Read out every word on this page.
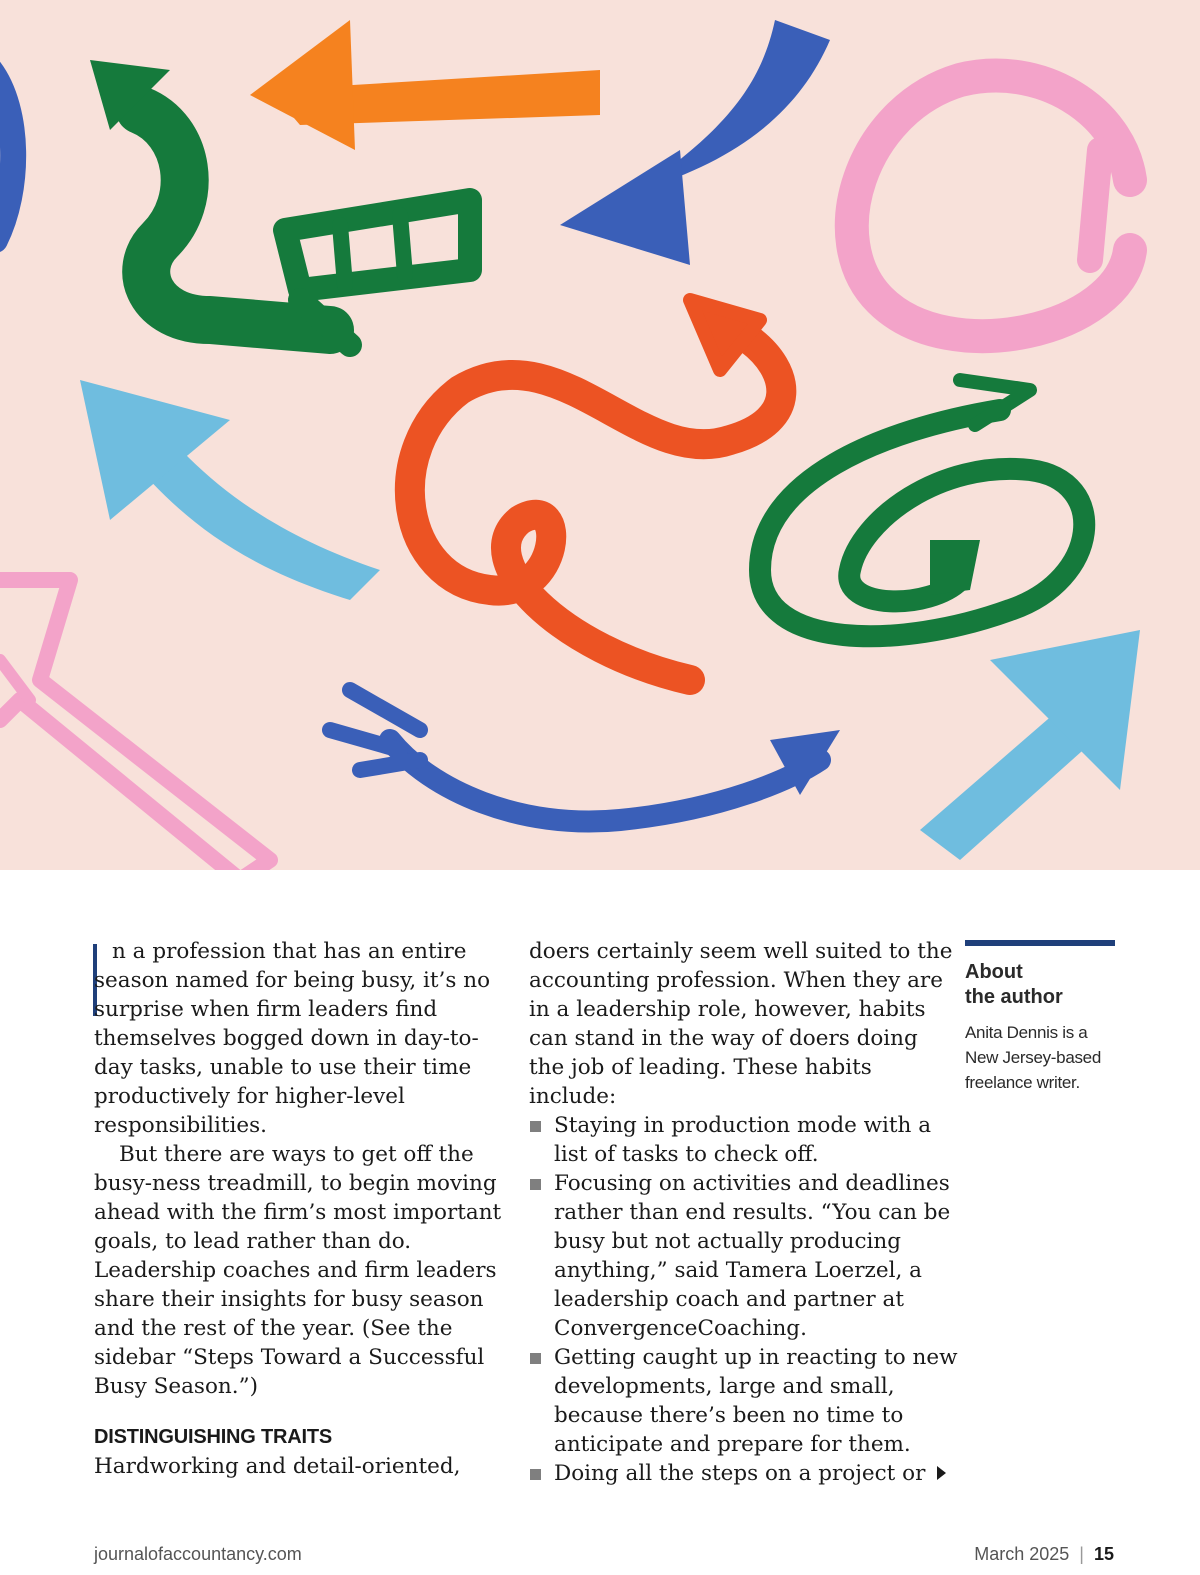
n a profession that has an entire season named for being busy, it’s no surprise when firm leaders find themselves bogged down in day-to-day tasks, unable to use their time productively for higher-level responsibilities.

But there are ways to get off the busy-ness treadmill, to begin moving ahead with the firm’s most important goals, to lead rather than do. Leadership coaches and firm leaders share their insights for busy season and the rest of the year. (See the sidebar “Steps Toward a Successful Busy Season.”)

DISTINGUISHING TRAITS

Hardworking and detail-oriented,

doers certainly seem well suited to the accounting profession. When they are in a leadership role, however, habits can stand in the way of doers doing the job of leading. These habits include:

Staying in production mode with a list of tasks to check off.
Focusing on activities and deadlines rather than end results. “You can be busy but not actually producing anything,” said Tamera Loerzel, a leadership coach and partner at ConvergenceCoaching.
Getting caught up in reacting to new developments, large and small, because there’s been no time to anticipate and prepare for them.
Doing all the steps on a project or
About
the author
Anita Dennis is a New Jersey-based freelance writer.
journalofaccountancy.com	March 2025 | 15
